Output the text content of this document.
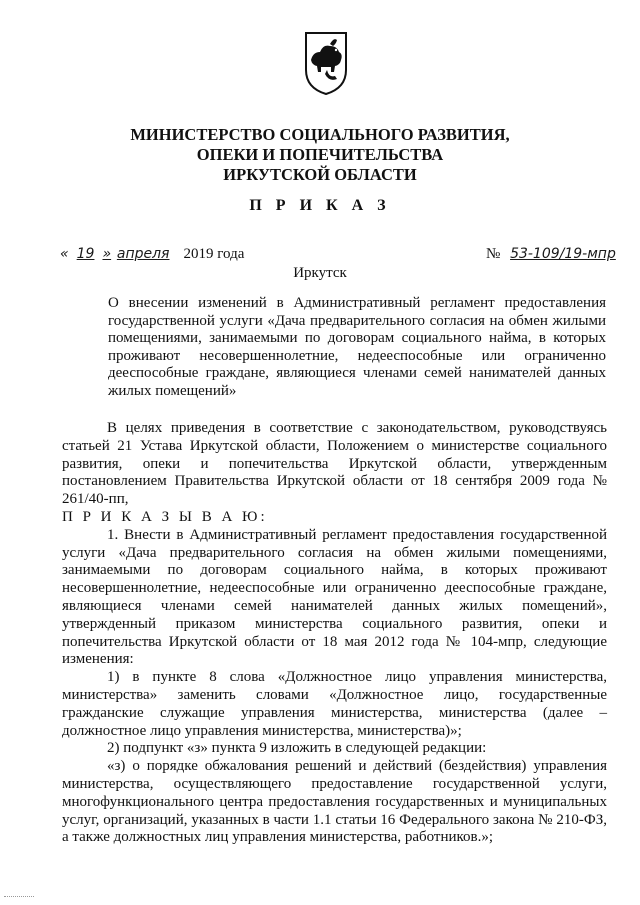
МИНИСТЕРСТВО СОЦИАЛЬНОГО РАЗВИТИЯ,
ОПЕКИ И ПОПЕЧИТЕЛЬСТВА
ИРКУТСКОЙ ОБЛАСТИ
П Р И К А З
« 19 » апреля 2019 года	№ 53-109/19-мпр
Иркутск
О внесении изменений в Административный регламент предоставления государственной услуги «Дача предварительного согласия на обмен жилыми помещениями, занимаемыми по договорам социального найма, в которых проживают несовершеннолетние, недееспособные или ограниченно дееспособные граждане, являющиеся членами семей нанимателей данных жилых помещений»

В целях приведения в соответствие с законодательством, руководствуясь статьей 21 Устава Иркутской области, Положением о министерстве социального развития, опеки и попечительства Иркутской области, утвержденным постановлением Правительства Иркутской области от 18 сентября 2009 года № 261/40-пп,

П Р И К А З Ы В А Ю:

1. Внести в Административный регламент предоставления государственной услуги «Дача предварительного согласия на обмен жилыми помещениями, занимаемыми по договорам социального найма, в которых проживают несовершеннолетние, недееспособные или ограниченно дееспособные граждане, являющиеся членами семей нанимателей данных жилых помещений», утвержденный приказом министерства социального развития, опеки и попечительства Иркутской области от 18 мая 2012 года № 104-мпр, следующие изменения:

1) в пункте 8 слова «Должностное лицо управления министерства, министерства» заменить словами «Должностное лицо, государственные гражданские служащие управления министерства, министерства (далее – должностное лицо управления министерства, министерства)»;

2) подпункт «з» пункта 9 изложить в следующей редакции:

«з) о порядке обжалования решений и действий (бездействия) управления министерства, осуществляющего предоставление государственной услуги, многофункционального центра предоставления государственных и муниципальных услуг, организаций, указанных в части 1.1 статьи 16 Федерального закона № 210-ФЗ, а также должностных лиц управления министерства, работников.»;
